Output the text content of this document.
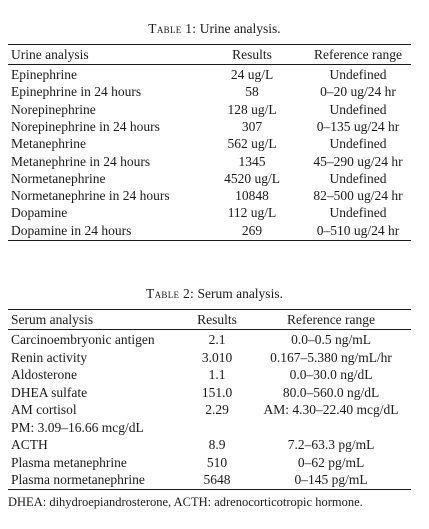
Table 1: Urine analysis.
Urine analysis	Results	Reference range
Epinephrine	24 ug/L	Undefined
Epinephrine in 24 hours	58	0–20 ug/24 hr
Norepinephrine	128 ug/L	Undefined
Norepinephrine in 24 hours	307	0–135 ug/24 hr
Metanephrine	562 ug/L	Undefined
Metanephrine in 24 hours	1345	45–290 ug/24 hr
Normetanephrine	4520 ug/L	Undefined
Normetanephrine in 24 hours	10848	82–500 ug/24 hr
Dopamine	112 ug/L	Undefined
Dopamine in 24 hours	269	0–510 ug/24 hr
Table 2: Serum analysis.
Serum analysis	Results	Reference range
Carcinoembryonic antigen	2.1	0.0–0.5 ng/mL
Renin activity	3.010	0.167–5.380 ng/mL/hr
Aldosterone	1.1	0.0–30.0 ng/dL
DHEA sulfate	151.0	80.0–560.0 ng/dL
AM cortisol	2.29	AM: 4.30–22.40 mcg/dL
PM: 3.09–16.66 mcg/dL
ACTH	8.9	7.2–63.3 pg/mL
Plasma metanephrine	510	0–62 pg/mL
Plasma normetanephrine	5648	0–145 pg/mL
DHEA: dihydroepiandrosterone, ACTH: adrenocorticotropic hormone.
